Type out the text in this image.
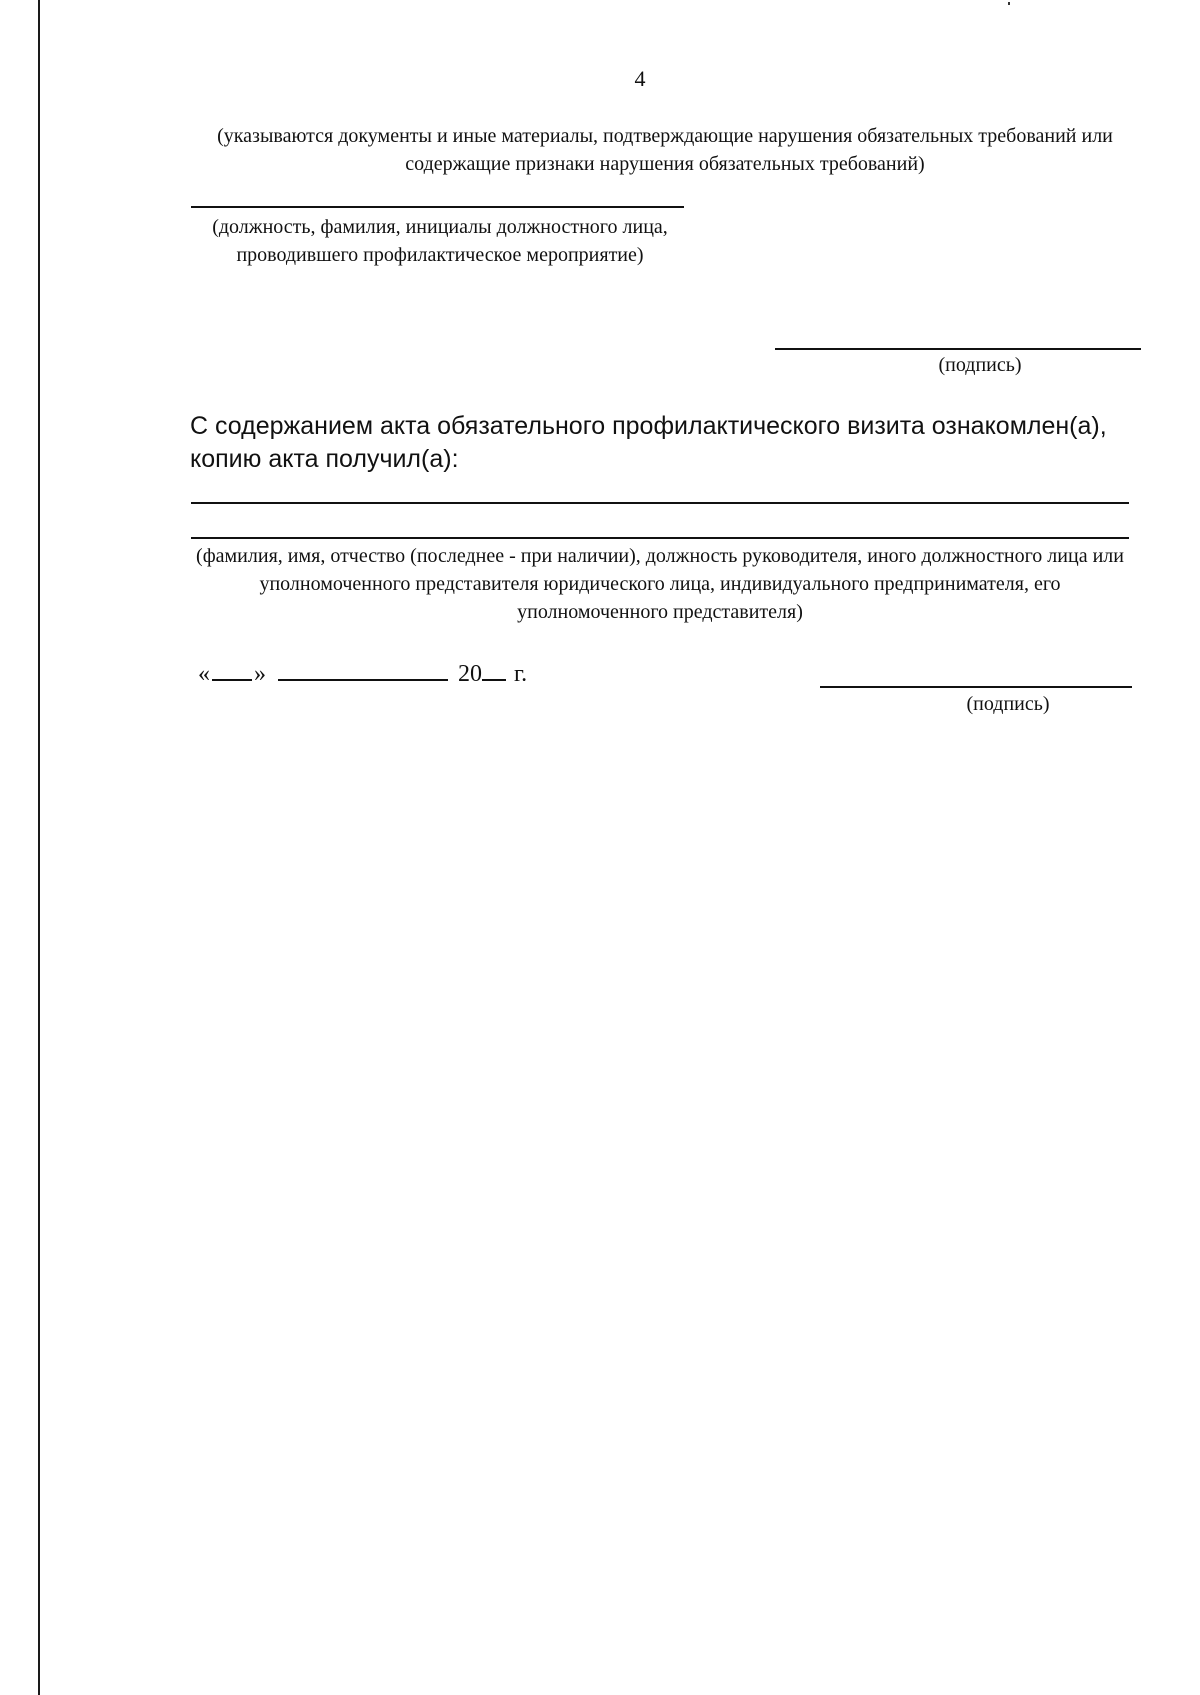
4
(указываются документы и иные материалы, подтверждающие нарушения обязательных требований или содержащие признаки нарушения обязательных требований)
(должность, фамилия, инициалы должностного лица, проводившего профилактическое мероприятие)
(подпись)
С содержанием акта обязательного профилактического визита ознакомлен(а), копию акта получил(а):
(фамилия, имя, отчество (последнее - при наличии), должность руководителя, иного должностного лица или уполномоченного представителя юридического лица, индивидуального предпринимателя, его уполномоченного представителя)
« »	20 г.
(подпись)
